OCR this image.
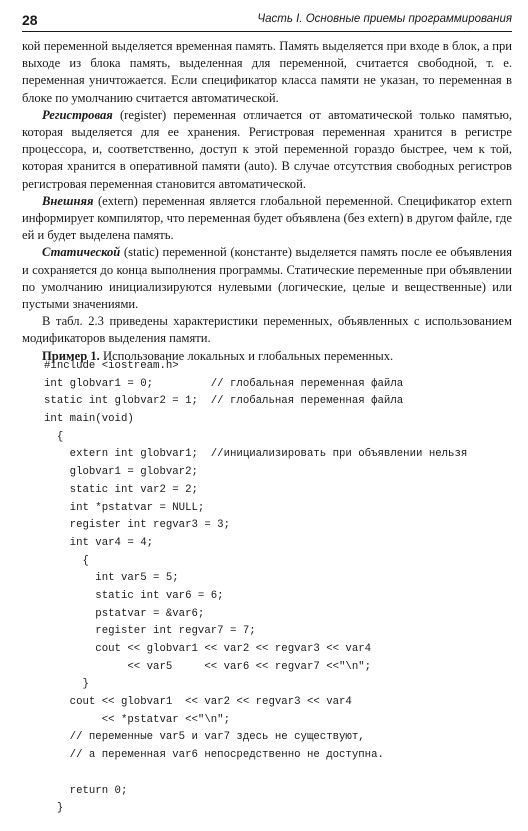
28	Часть I. Основные приемы программирования

кой переменной выделяется временная память. Память выделяется при входе в блок, а при выходе из блока память, выделенная для переменной, считается свободной, т. е. переменная уничтожается. Если спецификатор класса памяти не указан, то переменная в блоке по умолчанию считается автоматической.

Регистровая (register) переменная отличается от автоматической только памятью, которая выделяется для ее хранения. Регистровая переменная хранится в регистре процессора, и, соответственно, доступ к этой переменной гораздо быстрее, чем к той, которая хранится в оперативной памяти (auto). В случае отсутствия свободных регистров регистровая переменная становится автоматической.

Внешняя (extern) переменная является глобальной переменной. Спецификатор extern информирует компилятор, что переменная будет объявлена (без extern) в другом файле, где ей и будет выделена память.

Статической (static) переменной (константе) выделяется память после ее объявления и сохраняется до конца выполнения программы. Статические переменные при объявлении по умолчанию инициализируются нулевыми (логические, целые и вещественные) или пустыми значениями.

В табл. 2.3 приведены характеристики переменных, объявленных с использованием модификаторов выделения памяти.

Пример 1. Использование локальных и глобальных переменных.

#include <iostream.h>
int globvar1 = 0;         // глобальная переменная файла
static int globvar2 = 1;  // глобальная переменная файла
int main(void)
{
extern int globvar1;  //инициализировать при объявлении нельзя
globvar1 = globvar2;
static int var2 = 2;
int *pstatvar = NULL;
register int regvar3 = 3;
int var4 = 4;
{
int var5 = 5;
static int var6 = 6;
pstatvar = &var6;
register int regvar7 = 7;
cout << globvar1 << var2 << regvar3 << var4
<< var5     << var6 << regvar7 <<"\n";
}
cout << globvar1  << var2 << regvar3 << var4
<< *pstatvar <<"\n";
// переменные var5 и var7 здесь не существуют,
// а переменная var6 непосредственно не доступна.
return 0;
}
